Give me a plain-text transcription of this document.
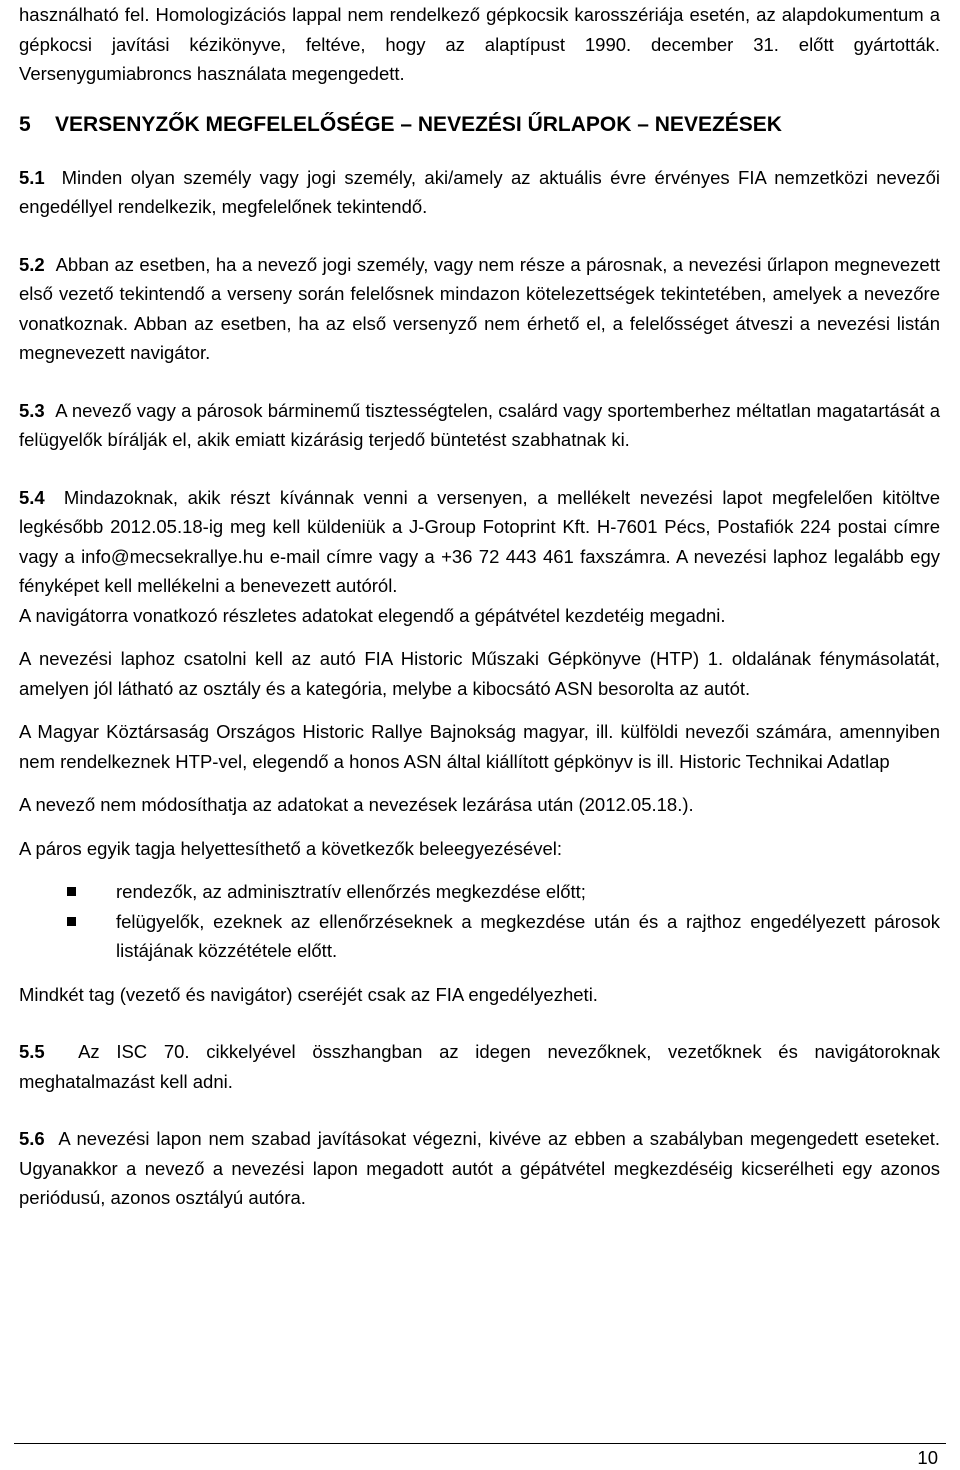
használható fel. Homologizációs lappal nem rendelkező gépkocsik karosszériája esetén, az alapdokumentum a gépkocsi javítási kézikönyve, feltéve, hogy az alaptípust 1990. december 31. előtt gyártották. Versenygumiabroncs használata megengedett.

5 VERSENYZŐK MEGFELELŐSÉGE – NEVEZÉSI ŰRLAPOK – NEVEZÉSEK

5.1 Minden olyan személy vagy jogi személy, aki/amely az aktuális évre érvényes FIA nemzetközi nevezői engedéllyel rendelkezik, megfelelőnek tekintendő.

5.2 Abban az esetben, ha a nevező jogi személy, vagy nem része a párosnak, a nevezési űrlapon megnevezett első vezető tekintendő a verseny során felelősnek mindazon kötelezettségek tekintetében, amelyek a nevezőre vonatkoznak. Abban az esetben, ha az első versenyző nem érhető el, a felelősséget átveszi a nevezési listán megnevezett navigátor.

5.3 A nevező vagy a párosok bárminemű tisztességtelen, csalárd vagy sportemberhez méltatlan magatartását a felügyelők bírálják el, akik emiatt kizárásig terjedő büntetést szabhatnak ki.

5.4 Mindazoknak, akik részt kívánnak venni a versenyen, a mellékelt nevezési lapot megfelelően kitöltve legkésőbb 2012.05.18-ig meg kell küldeniük a J-Group Fotoprint Kft. H-7601 Pécs, Postafiók 224 postai címre vagy a info@mecsekrallye.hu e-mail címre vagy a +36 72 443 461 faxszámra. A nevezési laphoz legalább egy fényképet kell mellékelni a benevezett autóról.

A navigátorra vonatkozó részletes adatokat elegendő a gépátvétel kezdetéig megadni.

A nevezési laphoz csatolni kell az autó FIA Historic Műszaki Gépkönyve (HTP) 1. oldalának fénymásolatát, amelyen jól látható az osztály és a kategória, melybe a kibocsátó ASN besorolta az autót.

A Magyar Köztársaság Országos Historic Rallye Bajnokság magyar, ill. külföldi nevezői számára, amennyiben nem rendelkeznek HTP-vel, elegendő a honos ASN által kiállított gépkönyv is ill. Historic Technikai Adatlap

A nevező nem módosíthatja az adatokat a nevezések lezárása után (2012.05.18.).

A páros egyik tagja helyettesíthető a következők beleegyezésével:

rendezők, az adminisztratív ellenőrzés megkezdése előtt;
felügyelők, ezeknek az ellenőrzéseknek a megkezdése után és a rajthoz engedélyezett párosok listájának közzététele előtt.

Mindkét tag (vezető és navigátor) cseréjét csak az FIA engedélyezheti.

5.5 Az ISC 70. cikkelyével összhangban az idegen nevezőknek, vezetőknek és navigátoroknak meghatalmazást kell adni.

5.6 A nevezési lapon nem szabad javításokat végezni, kivéve az ebben a szabályban megengedett eseteket. Ugyanakkor a nevező a nevezési lapon megadott autót a gépátvétel megkezdéséig kicserélheti egy azonos periódusú, azonos osztályú autóra.

10
